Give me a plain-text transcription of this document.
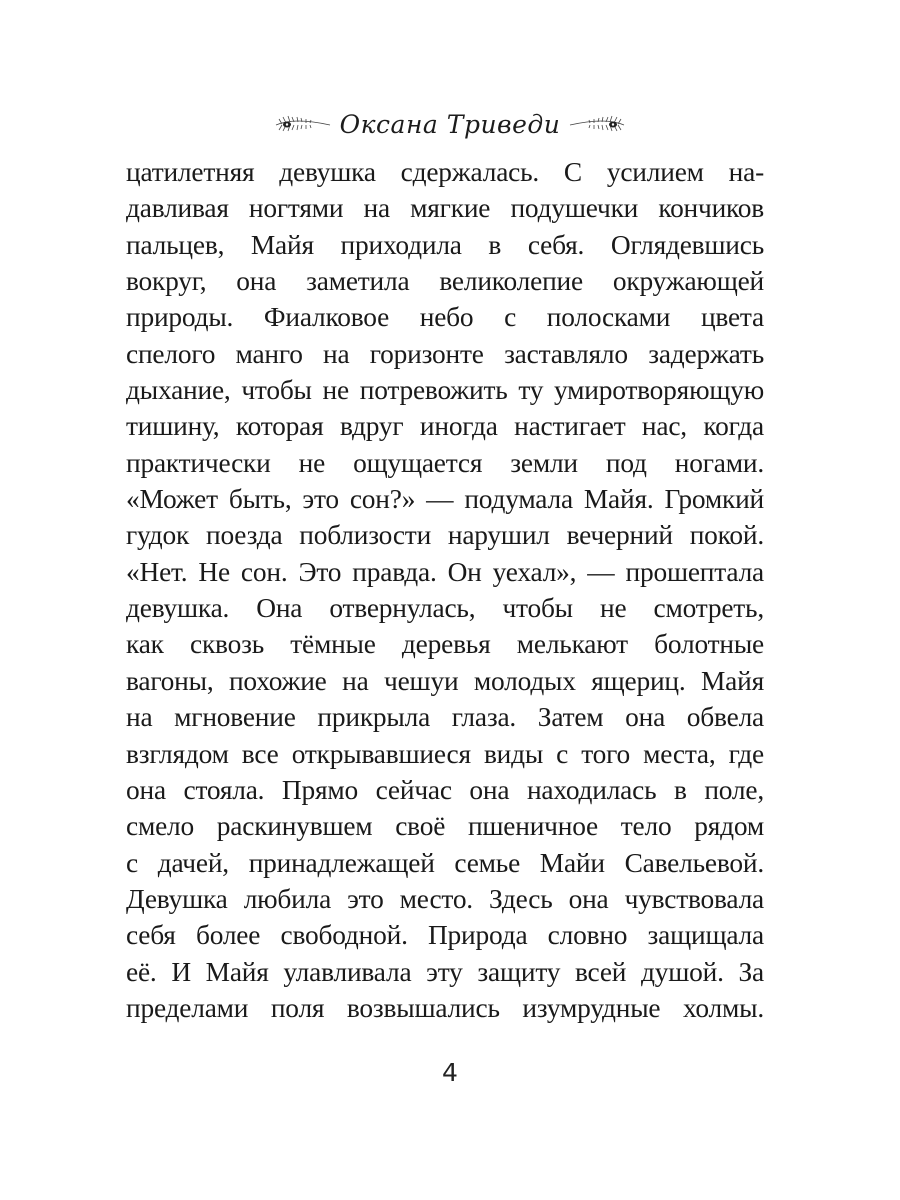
Оксана Триведи
цатилетняя девушка сдержалась. С усилием на-
давливая ногтями на мягкие подушечки кончиков
пальцев, Майя приходила в себя. Оглядевшись
вокруг, она заметила великолепие окружающей
природы. Фиалковое небо с полосками цвета
спелого манго на горизонте заставляло задержать
дыхание, чтобы не потревожить ту умиротворяющую
тишину, которая вдруг иногда настигает нас, когда
практически не ощущается земли под ногами.
«Может быть, это сон?» — подумала Майя. Громкий
гудок поезда поблизости нарушил вечерний покой.
«Нет. Не сон. Это правда. Он уехал», — прошептала
девушка. Она отвернулась, чтобы не смотреть,
как сквозь тёмные деревья мелькают болотные
вагоны, похожие на чешуи молодых ящериц. Майя
на мгновение прикрыла глаза. Затем она обвела
взглядом все открывавшиеся виды с того места, где
она стояла. Прямо сейчас она находилась в поле,
смело раскинувшем своё пшеничное тело рядом
с дачей, принадлежащей семье Майи Савельевой.
Девушка любила это место. Здесь она чувствовала
себя более свободной. Природа словно защищала
её. И Майя улавливала эту защиту всей душой. За
пределами поля возвышались изумрудные холмы.
4
